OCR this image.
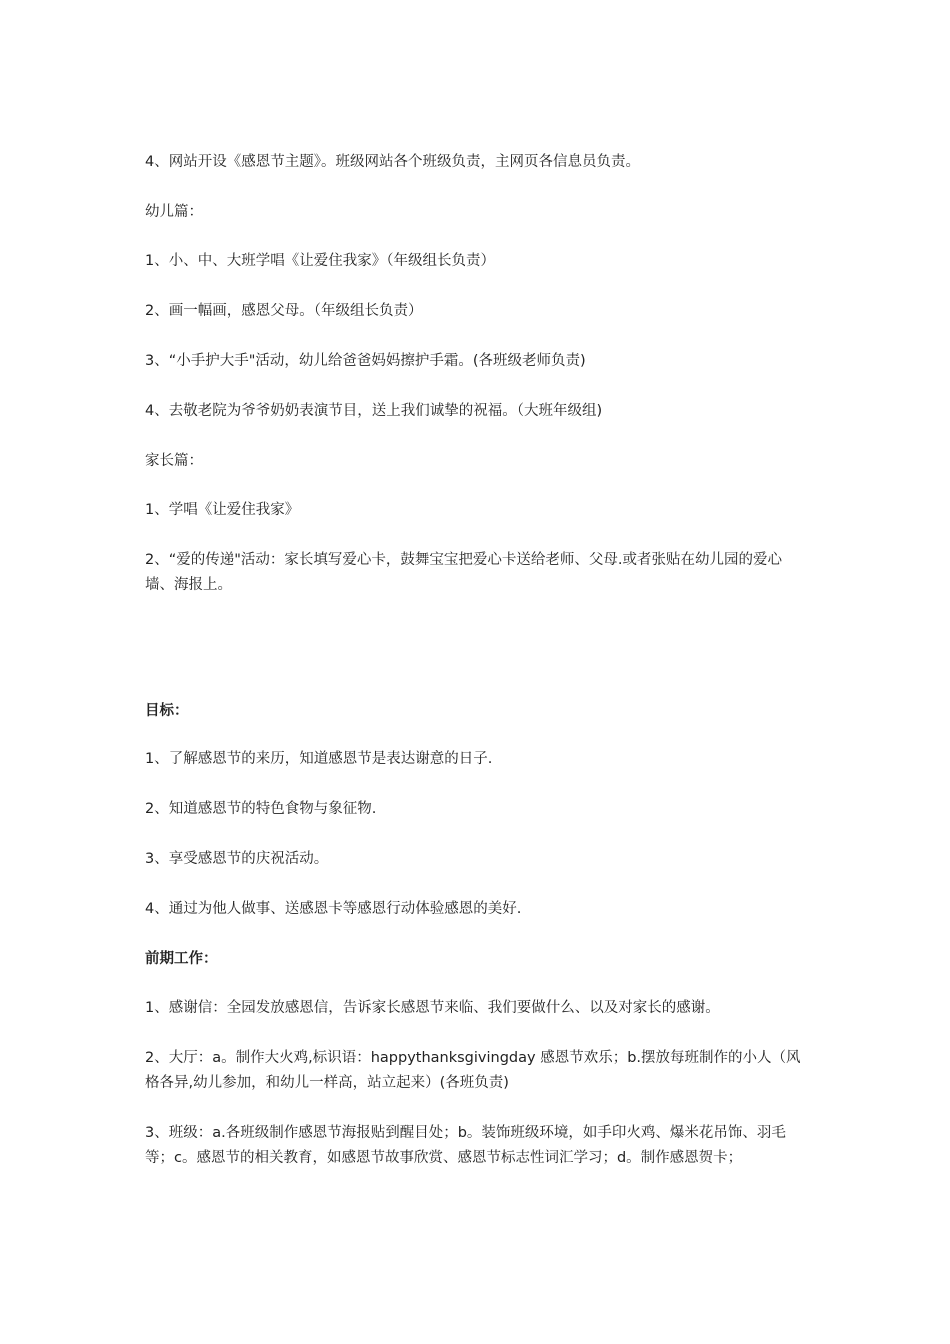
4、网站开设《感恩节主题》。班级网站各个班级负责，主网页各信息员负责。
幼儿篇：
1、小、中、大班学唱《让爱住我家》（年级组长负责）
2、画一幅画，感恩父母。（年级组长负责）
3、“小手护大手"活动，幼儿给爸爸妈妈擦护手霜。(各班级老师负责)
4、去敬老院为爷爷奶奶表演节目，送上我们诚挚的祝福。（大班年级组)
家长篇：
1、学唱《让爱住我家》
2、“爱的传递"活动：家长填写爱心卡，鼓舞宝宝把爱心卡送给老师、父母.或者张贴在幼儿园的爱心墙、海报上。
目标：
1、了解感恩节的来历，知道感恩节是表达谢意的日子.
2、知道感恩节的特色食物与象征物.
3、享受感恩节的庆祝活动。
4、通过为他人做事、送感恩卡等感恩行动体验感恩的美好.
前期工作：
1、感谢信：全园发放感恩信，告诉家长感恩节来临、我们要做什么、以及对家长的感谢。
2、大厅：a。制作大火鸡,标识语：happythanksgivingday 感恩节欢乐；b.摆放每班制作的小人（风格各异,幼儿参加，和幼儿一样高，站立起来）(各班负责)
3、班级：a.各班级制作感恩节海报贴到醒目处；b。装饰班级环境，如手印火鸡、爆米花吊饰、羽毛等；c。感恩节的相关教育，如感恩节故事欣赏、感恩节标志性词汇学习；d。制作感恩贺卡；
